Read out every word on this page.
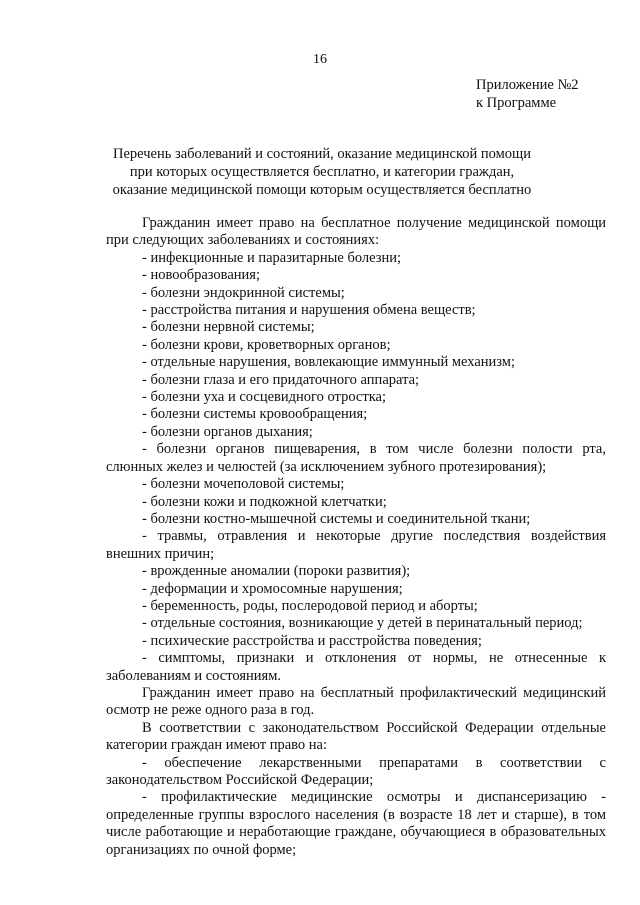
16
Приложение №2
к Программе
Перечень заболеваний и состояний, оказание медицинской помощи при которых осуществляется бесплатно, и категории граждан, оказание медицинской помощи которым осуществляется бесплатно

Гражданин имеет право на бесплатное получение медицинской помощи при следующих заболеваниях и состояниях:

- инфекционные и паразитарные болезни;

- новообразования;

- болезни эндокринной системы;

- расстройства питания и нарушения обмена веществ;

- болезни нервной системы;

- болезни крови, кроветворных органов;

- отдельные нарушения, вовлекающие иммунный механизм;

- болезни глаза и его придаточного аппарата;

- болезни уха и сосцевидного отростка;

- болезни системы кровообращения;

- болезни органов дыхания;

- болезни органов пищеварения, в том числе болезни полости рта, слюнных желез и челюстей (за исключением зубного протезирования);

- болезни мочеполовой системы;

- болезни кожи и подкожной клетчатки;

- болезни костно-мышечной системы и соединительной ткани;

- травмы, отравления и некоторые другие последствия воздействия внешних причин;

- врожденные аномалии (пороки развития);

- деформации и хромосомные нарушения;

- беременность, роды, послеродовой период и аборты;

- отдельные состояния, возникающие у детей в перинатальный период;

- психические расстройства и расстройства поведения;

- симптомы, признаки и отклонения от нормы, не отнесенные к заболеваниям и состояниям.

Гражданин имеет право на бесплатный профилактический медицинский осмотр не реже одного раза в год.

В соответствии с законодательством Российской Федерации отдельные категории граждан имеют право на:

- обеспечение лекарственными препаратами в соответствии с законодательством Российской Федерации;

- профилактические медицинские осмотры и диспансеризацию - определенные группы взрослого населения (в возрасте 18 лет и старше), в том числе работающие и неработающие граждане, обучающиеся в образовательных организациях по очной форме;
